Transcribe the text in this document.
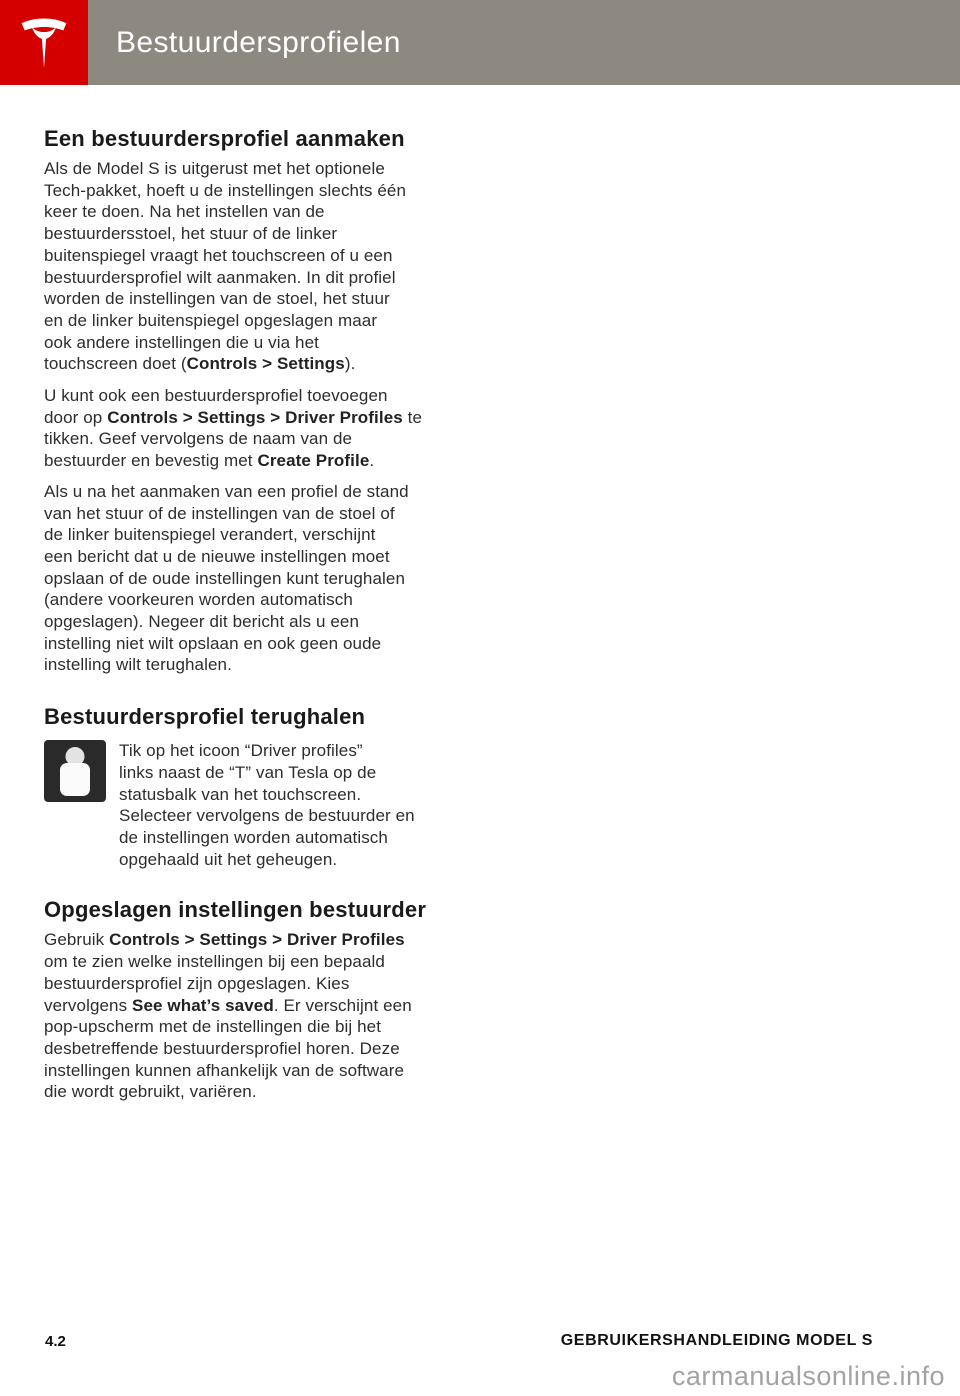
Bestuurdersprofielen
Een bestuurdersprofiel aanmaken

Als de Model S is uitgerust met het optionele
Tech-pakket, hoeft u de instellingen slechts één
keer te doen. Na het instellen van de
bestuurdersstoel, het stuur of de linker
buitenspiegel vraagt het touchscreen of u een
bestuurdersprofiel wilt aanmaken. In dit profiel
worden de instellingen van de stoel, het stuur
en de linker buitenspiegel opgeslagen maar
ook andere instellingen die u via het
touchscreen doet (Controls > Settings).

U kunt ook een bestuurdersprofiel toevoegen
door op Controls > Settings > Driver Profiles te
tikken. Geef vervolgens de naam van de
bestuurder en bevestig met Create Profile.

Als u na het aanmaken van een profiel de stand
van het stuur of de instellingen van de stoel of
de linker buitenspiegel verandert, verschijnt
een bericht dat u de nieuwe instellingen moet
opslaan of de oude instellingen kunt terughalen
(andere voorkeuren worden automatisch
opgeslagen). Negeer dit bericht als u een
instelling niet wilt opslaan en ook geen oude
instelling wilt terughalen.

Bestuurdersprofiel terughalen

Tik op het icoon “Driver profiles”
links naast de “T” van Tesla op de
statusbalk van het touchscreen.
Selecteer vervolgens de bestuurder en
de instellingen worden automatisch
opgehaald uit het geheugen.

Opgeslagen instellingen bestuurder

Gebruik Controls > Settings > Driver Profiles
om te zien welke instellingen bij een bepaald
bestuurdersprofiel zijn opgeslagen. Kies
vervolgens See what’s saved. Er verschijnt een
pop-upscherm met de instellingen die bij het
desbetreffende bestuurdersprofiel horen. Deze
instellingen kunnen afhankelijk van de software
die wordt gebruikt, variëren.

4.2	GEBRUIKERSHANDLEIDING MODEL S
carmanualsonline.info
